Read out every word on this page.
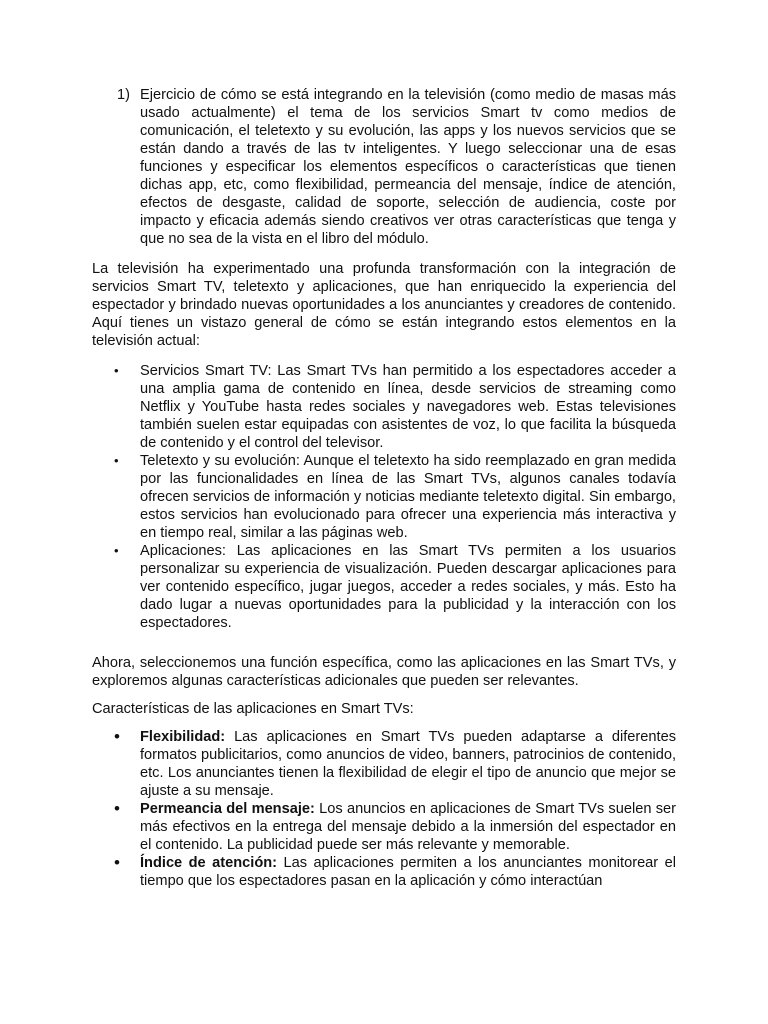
1) Ejercicio de cómo se está integrando en la televisión (como medio de masas más usado actualmente) el tema de los servicios Smart tv como medios de comunicación, el teletexto y su evolución, las apps y los nuevos servicios que se están dando a través de las tv inteligentes. Y luego seleccionar una de esas funciones y especificar los elementos específicos o características que tienen dichas app, etc, como flexibilidad, permeancia del mensaje, índice de atención, efectos de desgaste, calidad de soporte, selección de audiencia, coste por impacto y eficacia además siendo creativos ver otras características que tenga y que no sea de la vista en el libro del módulo.

La televisión ha experimentado una profunda transformación con la integración de servicios Smart TV, teletexto y aplicaciones, que han enriquecido la experiencia del espectador y brindado nuevas oportunidades a los anunciantes y creadores de contenido. Aquí tienes un vistazo general de cómo se están integrando estos elementos en la televisión actual:

• Servicios Smart TV: Las Smart TVs han permitido a los espectadores acceder a una amplia gama de contenido en línea, desde servicios de streaming como Netflix y YouTube hasta redes sociales y navegadores web. Estas televisiones también suelen estar equipadas con asistentes de voz, lo que facilita la búsqueda de contenido y el control del televisor.
• Teletexto y su evolución: Aunque el teletexto ha sido reemplazado en gran medida por las funcionalidades en línea de las Smart TVs, algunos canales todavía ofrecen servicios de información y noticias mediante teletexto digital. Sin embargo, estos servicios han evolucionado para ofrecer una experiencia más interactiva y en tiempo real, similar a las páginas web.
• Aplicaciones: Las aplicaciones en las Smart TVs permiten a los usuarios personalizar su experiencia de visualización. Pueden descargar aplicaciones para ver contenido específico, jugar juegos, acceder a redes sociales, y más. Esto ha dado lugar a nuevas oportunidades para la publicidad y la interacción con los espectadores.

Ahora, seleccionemos una función específica, como las aplicaciones en las Smart TVs, y exploremos algunas características adicionales que pueden ser relevantes.

Características de las aplicaciones en Smart TVs:

• Flexibilidad: Las aplicaciones en Smart TVs pueden adaptarse a diferentes formatos publicitarios, como anuncios de video, banners, patrocinios de contenido, etc. Los anunciantes tienen la flexibilidad de elegir el tipo de anuncio que mejor se ajuste a su mensaje.
• Permeancia del mensaje: Los anuncios en aplicaciones de Smart TVs suelen ser más efectivos en la entrega del mensaje debido a la inmersión del espectador en el contenido. La publicidad puede ser más relevante y memorable.
• Índice de atención: Las aplicaciones permiten a los anunciantes monitorear el tiempo que los espectadores pasan en la aplicación y cómo interactúan
